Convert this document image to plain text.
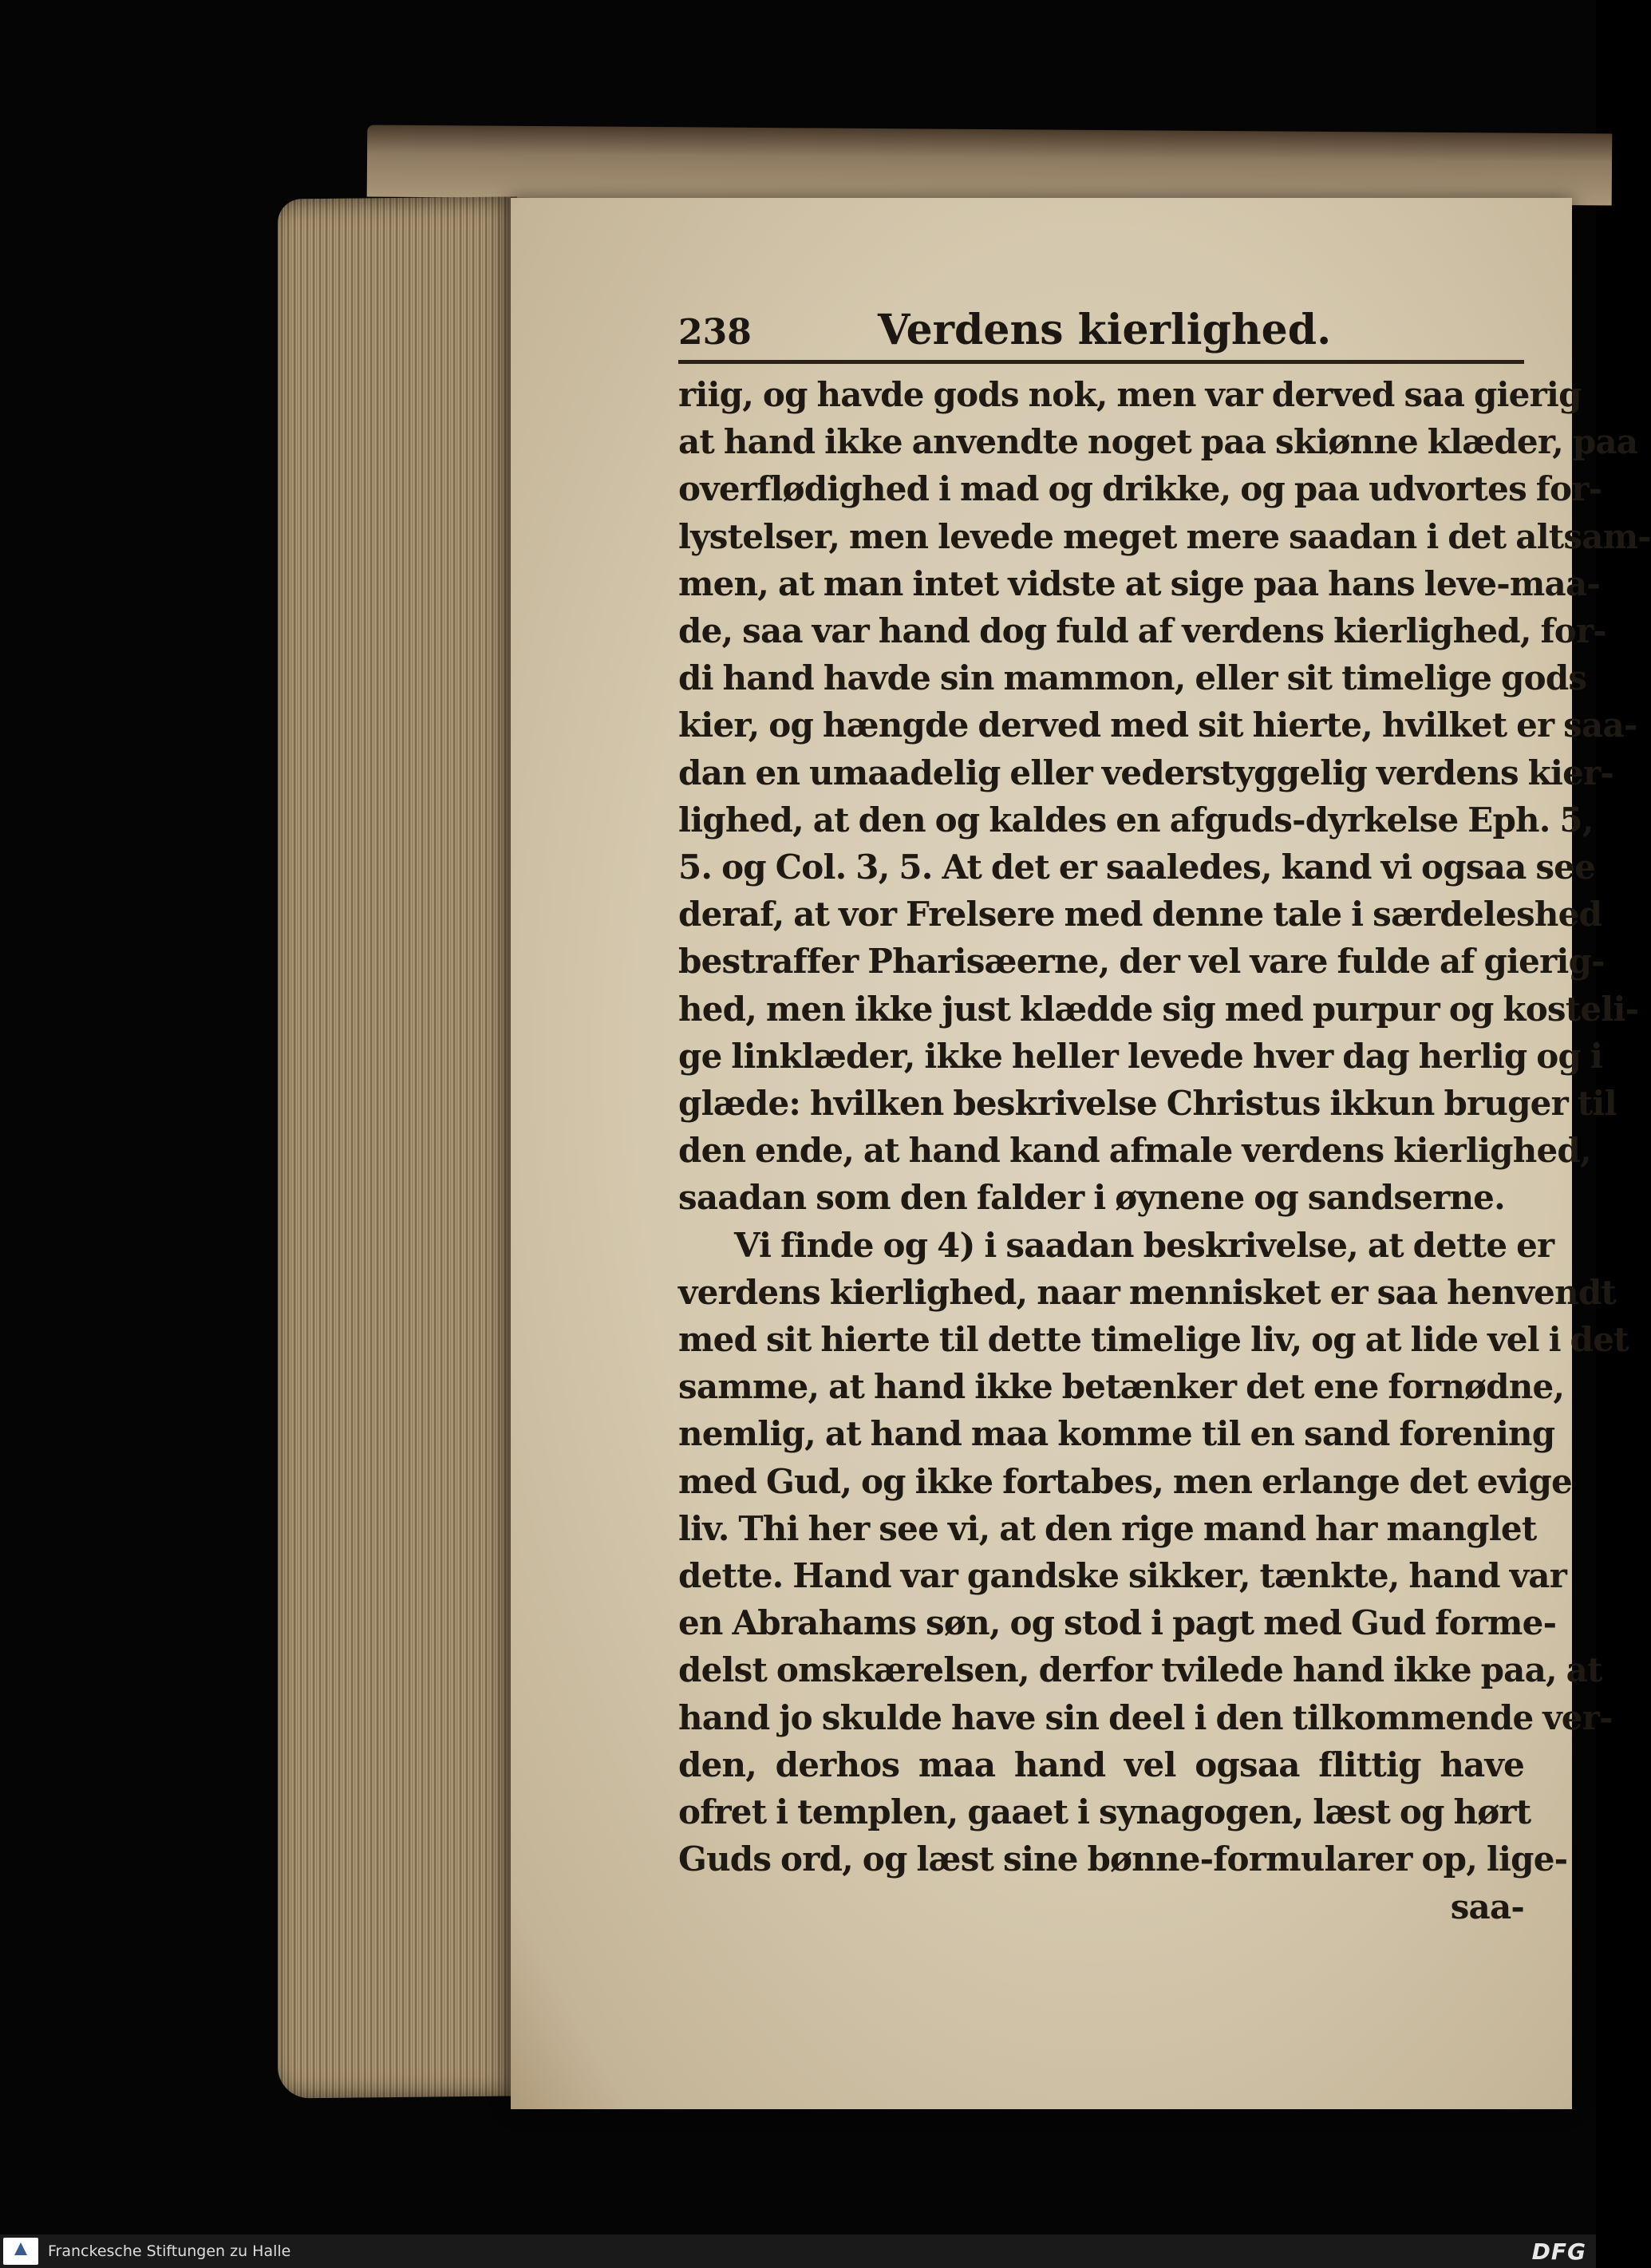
238	Verdens kierlighed.
riig, og havde gods nok, men var derved saa gierig
at hand ikke anvendte noget paa skiønne klæder, paa
overflødighed i mad og drikke, og paa udvortes for-
lystelser, men levede meget mere saadan i det altsam-
men, at man intet vidste at sige paa hans leve-maa-
de, saa var hand dog fuld af verdens kierlighed, for-
di hand havde sin mammon, eller sit timelige gods
kier, og hængde derved med sit hierte, hvilket er saa-
dan en umaadelig eller vederstyggelig verdens kier-
lighed, at den og kaldes en afguds-dyrkelse Eph. 5,
5. og Col. 3, 5. At det er saaledes, kand vi ogsaa see
deraf, at vor Frelsere med denne tale i særdeleshed
bestraffer Pharisæerne, der vel vare fulde af gierig-
hed, men ikke just klædde sig med purpur og kosteli-
ge linklæder, ikke heller levede hver dag herlig og i
glæde: hvilken beskrivelse Christus ikkun bruger til
den ende, at hand kand afmale verdens kierlighed,
saadan som den falder i øynene og sandserne.
Vi finde og 4) i saadan beskrivelse, at dette er
verdens kierlighed, naar mennisket er saa henvendt
med sit hierte til dette timelige liv, og at lide vel i det
samme, at hand ikke betænker det ene fornødne,
nemlig, at hand maa komme til en sand forening
med Gud, og ikke fortabes, men erlange det evige
liv. Thi her see vi, at den rige mand har manglet
dette. Hand var gandske sikker, tænkte, hand var
en Abrahams søn, og stod i pagt med Gud forme-
delst omskærelsen, derfor tvilede hand ikke paa, at
hand jo skulde have sin deel i den tilkommende ver-
den, derhos maa hand vel ogsaa flittig have
ofret i templen, gaaet i synagogen, læst og hørt
Guds ord, og læst sine bønne-formularer op, lige-
saa-
Franckesche Stiftungen zu Halle	DFG
